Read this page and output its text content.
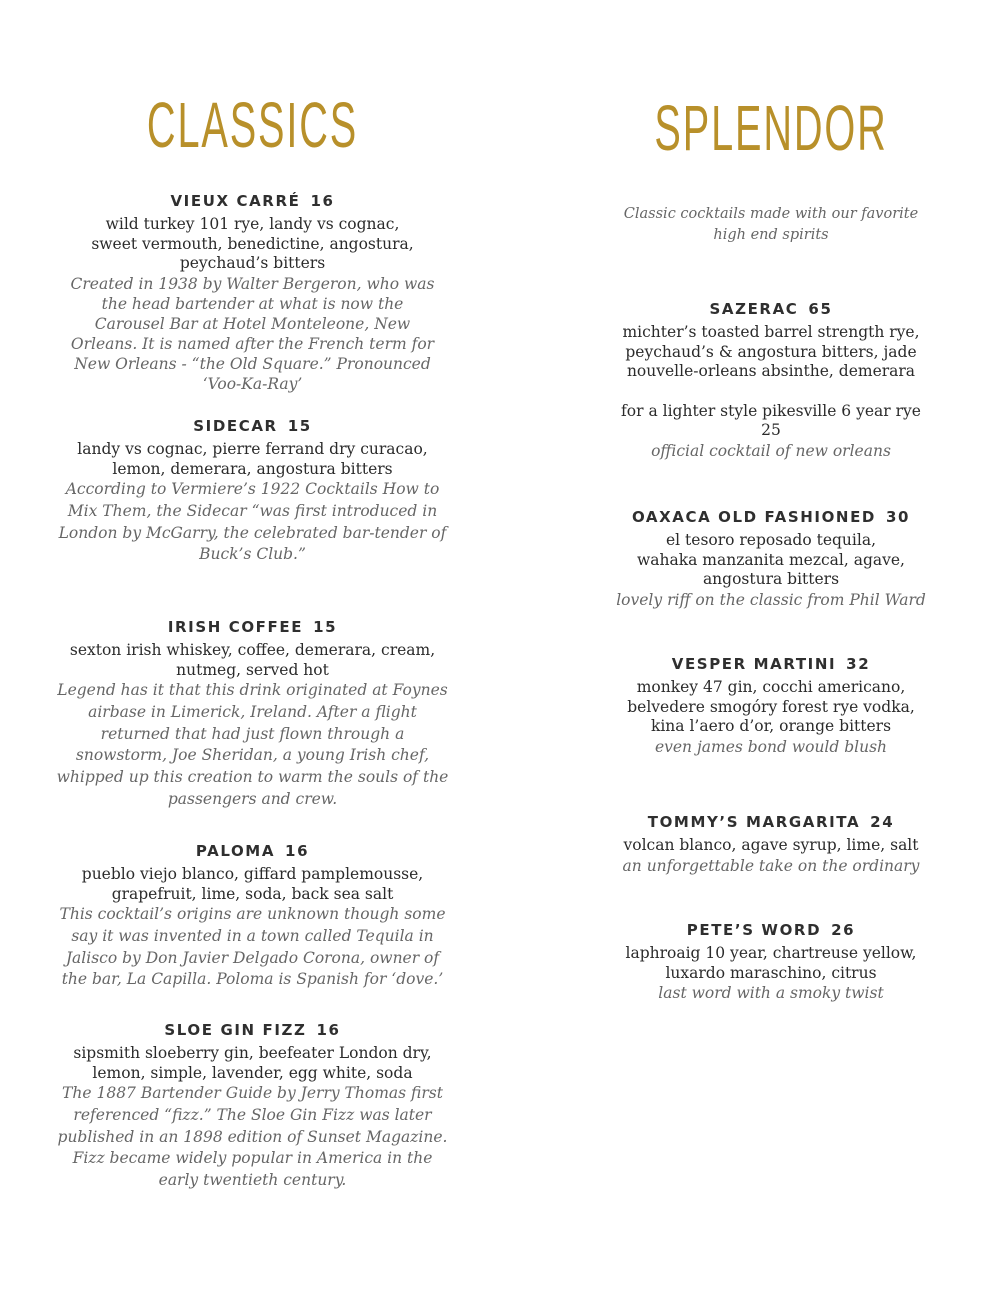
CLASSICS
VIEUX CARRÉ 16

wild turkey 101 rye, landy vs cognac,
sweet vermouth, benedictine, angostura,
peychaud’s bitters

Created in 1938 by Walter Bergeron, who was
the head bartender at what is now the
Carousel Bar at Hotel Monteleone, New
Orleans. It is named after the French term for
New Orleans - “the Old Square.” Pronounced
‘Voo-Ka-Ray’

SIDECAR 15

landy vs cognac, pierre ferrand dry curacao,
lemon, demerara, angostura bitters

According to Vermiere’s 1922 Cocktails How to
Mix Them, the Sidecar “was first introduced in
London by McGarry, the celebrated bar-tender of
Buck’s Club.”

IRISH COFFEE 15

sexton irish whiskey, coffee, demerara, cream,
nutmeg, served hot

Legend has it that this drink originated at Foynes
airbase in Limerick, Ireland. After a flight
returned that had just flown through a
snowstorm, Joe Sheridan, a young Irish chef,
whipped up this creation to warm the souls of the
passengers and crew.

PALOMA 16

pueblo viejo blanco, giffard pamplemousse,
grapefruit, lime, soda, back sea salt

This cocktail’s origins are unknown though some
say it was invented in a town called Tequila in
Jalisco by Don Javier Delgado Corona, owner of
the bar, La Capilla. Poloma is Spanish for ‘dove.’

SLOE GIN FIZZ 16

sipsmith sloeberry gin, beefeater London dry,
lemon, simple, lavender, egg white, soda

The 1887 Bartender Guide by Jerry Thomas first
referenced “fizz.” The Sloe Gin Fizz was later
published in an 1898 edition of Sunset Magazine.
Fizz became widely popular in America in the
early twentieth century.

SPLENDOR

Classic cocktails made with our favorite
high end spirits

SAZERAC 65

michter’s toasted barrel strength rye,
peychaud’s & angostura bitters, jade
nouvelle-orleans absinthe, demerara

for a lighter style pikesville 6 year rye
25

official cocktail of new orleans

OAXACA OLD FASHIONED 30

el tesoro reposado tequila,
wahaka manzanita mezcal, agave,
angostura bitters

lovely riff on the classic from Phil Ward

VESPER MARTINI 32

monkey 47 gin, cocchi americano,
belvedere smogóry forest rye vodka,
kina l’aero d’or, orange bitters

even james bond would blush

TOMMY’S MARGARITA 24

volcan blanco, agave syrup, lime, salt

an unforgettable take on the ordinary

PETE’S WORD 26

laphroaig 10 year, chartreuse yellow,
luxardo maraschino, citrus

last word with a smoky twist
